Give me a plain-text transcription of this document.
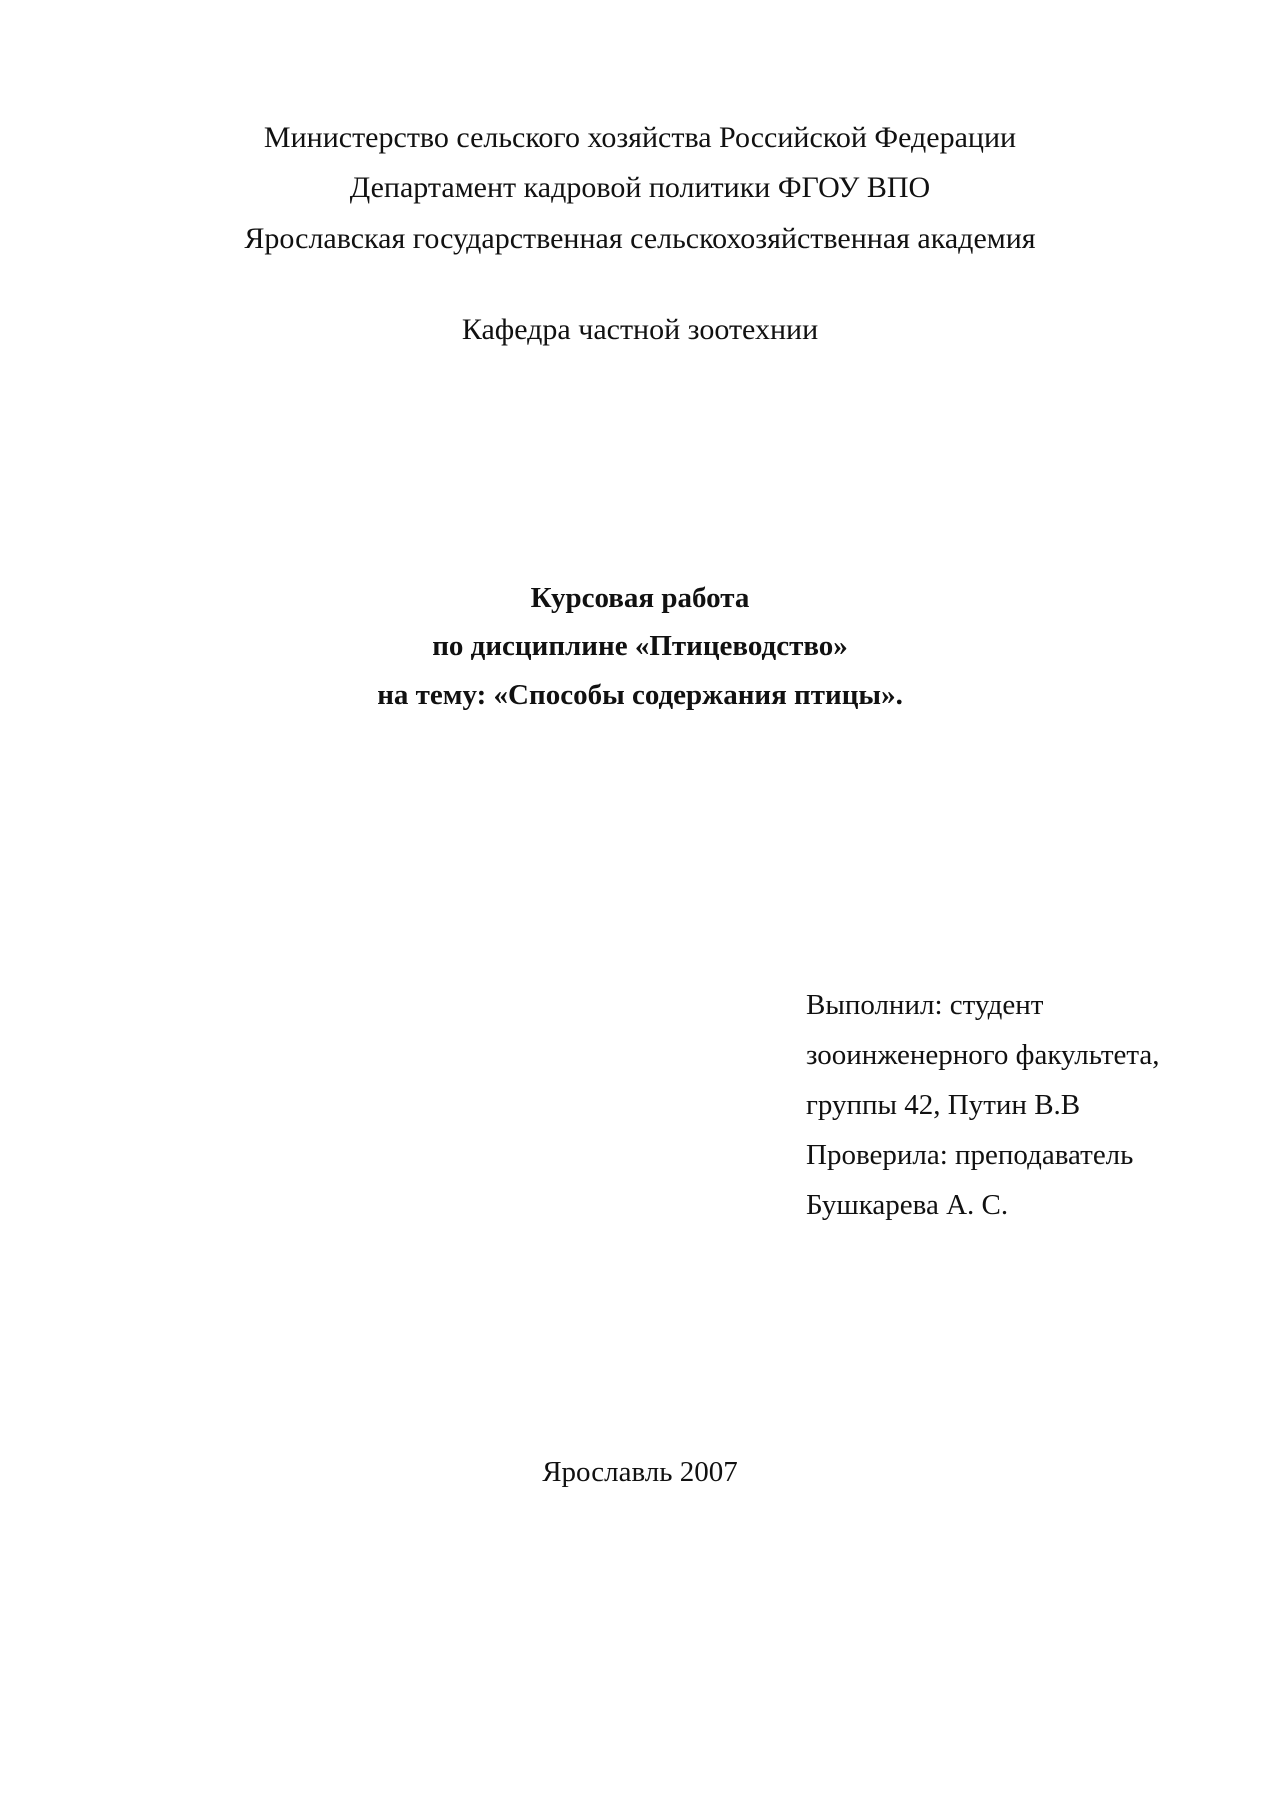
Министерство сельского хозяйства Российской Федерации
Департамент кадровой политики ФГОУ ВПО
Ярославская государственная сельскохозяйственная академия
Кафедра частной зоотехнии
Курсовая работа
по дисциплине «Птицеводство»
на тему: «Способы содержания птицы».
Выполнил: студент
зооинженерного факультета,
группы 42, Путин В.В
Проверила: преподаватель
Бушкарева А. С.
Ярославль 2007
